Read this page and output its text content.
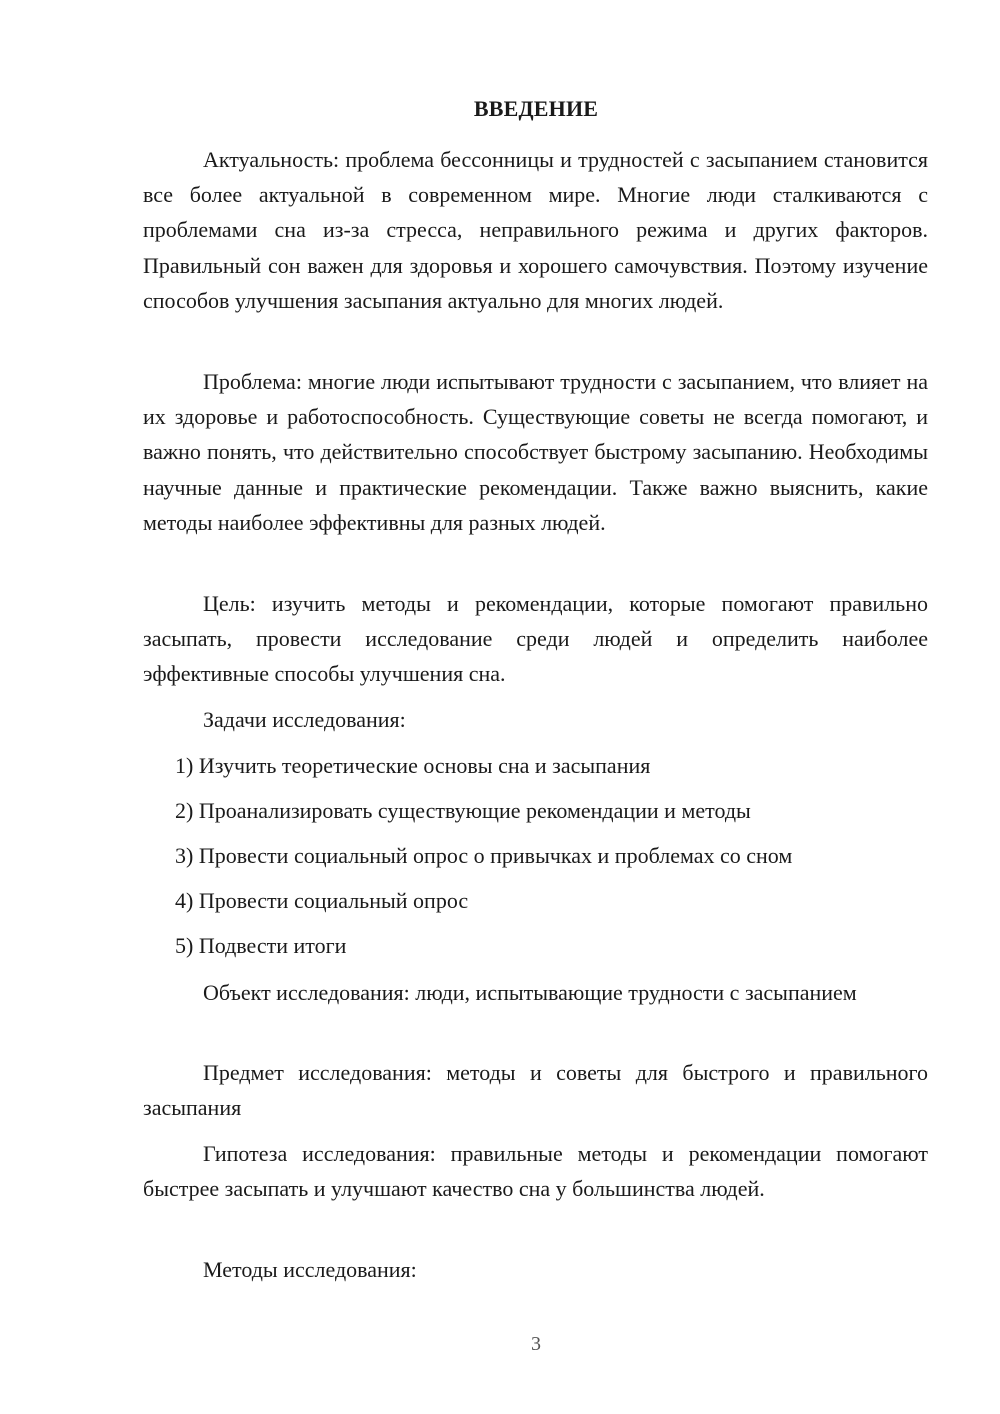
ВВЕДЕНИЕ

Актуальность: проблема бессонницы и трудностей с засыпанием становится все более актуальной в современном мире. Многие люди сталкиваются с проблемами сна из-за стресса, неправильного режима и других факторов. Правильный сон важен для здоровья и хорошего самочувствия. Поэтому изучение способов улучшения засыпания актуально для многих людей.

Проблема: многие люди испытывают трудности с засыпанием, что влияет на их здоровье и работоспособность. Существующие советы не всегда помогают, и важно понять, что действительно способствует быстрому засыпанию. Необходимы научные данные и практические рекомендации. Также важно выяснить, какие методы наиболее эффективны для разных людей.

Цель: изучить методы и рекомендации, которые помогают правильно засыпать, провести исследование среди людей и определить наиболее эффективные способы улучшения сна.

Задачи исследования:

1) Изучить теоретические основы сна и засыпания
2) Проанализировать существующие рекомендации и методы
3) Провести социальный опрос о привычках и проблемах со сном
4) Провести социальный опрос
5) Подвести итоги

Объект исследования: люди, испытывающие трудности с засыпанием

Предмет исследования: методы и советы для быстрого и правильного засыпания

Гипотеза исследования: правильные методы и рекомендации помогают быстрее засыпать и улучшают качество сна у большинства людей.

Методы исследования:

3
